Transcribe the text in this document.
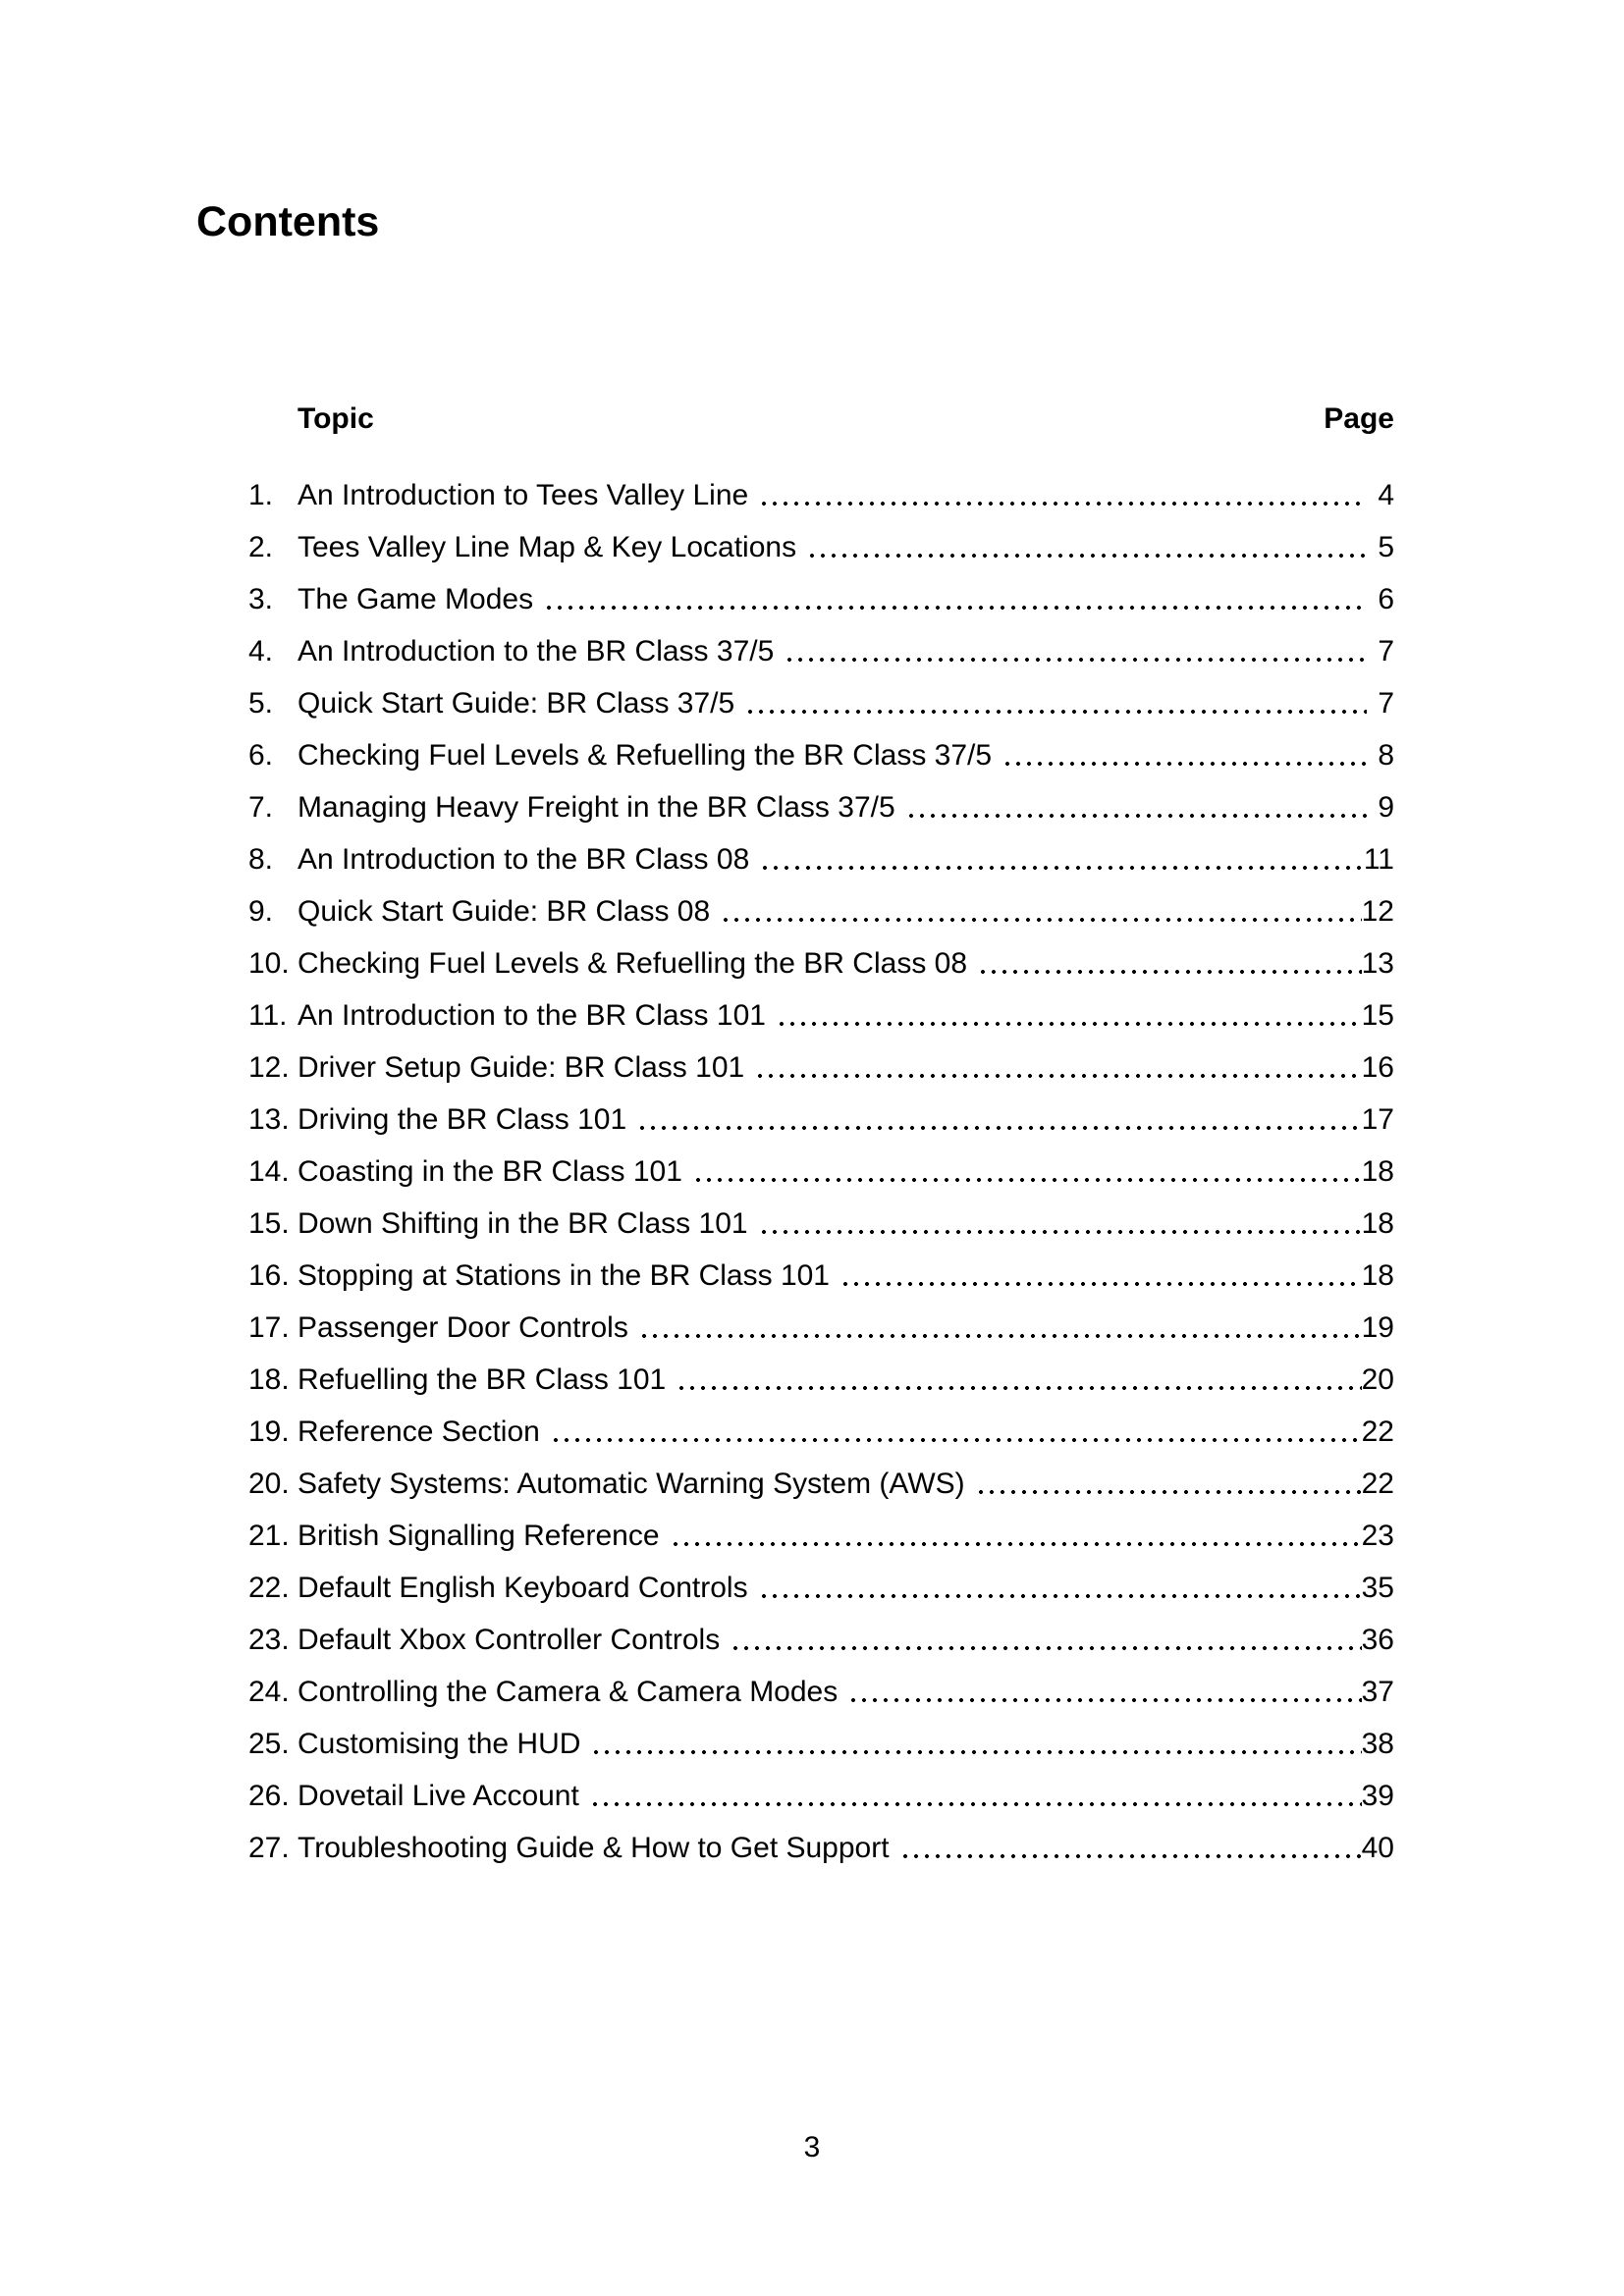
Contents
Topic	Page
1. An Introduction to Tees Valley Line	4
2. Tees Valley Line Map & Key Locations	5
3. The Game Modes	6
4. An Introduction to the BR Class 37/5	7
5. Quick Start Guide: BR Class 37/5	7
6. Checking Fuel Levels & Refuelling the BR Class 37/5	8
7. Managing Heavy Freight in the BR Class 37/5	9
8. An Introduction to the BR Class 08	11
9. Quick Start Guide: BR Class 08	12
10. Checking Fuel Levels & Refuelling the BR Class 08	13
11. An Introduction to the BR Class 101	15
12. Driver Setup Guide: BR Class 101	16
13. Driving the BR Class 101	17
14. Coasting in the BR Class 101	18
15. Down Shifting in the BR Class 101	18
16. Stopping at Stations in the BR Class 101	18
17. Passenger Door Controls	19
18. Refuelling the BR Class 101	20
19. Reference Section	22
20. Safety Systems: Automatic Warning System (AWS)	22
21. British Signalling Reference	23
22. Default English Keyboard Controls	35
23. Default Xbox Controller Controls	36
24. Controlling the Camera & Camera Modes	37
25. Customising the HUD	38
26. Dovetail Live Account	39
27. Troubleshooting Guide & How to Get Support	40
3
